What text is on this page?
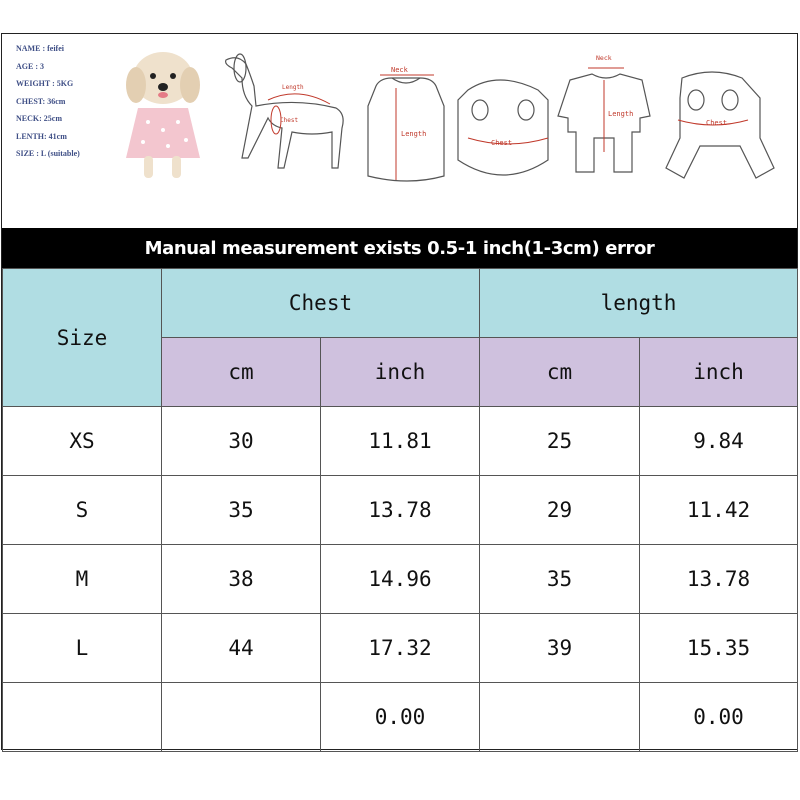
NAME : feifei
AGE : 3
WEIGHT : 5KG
CHEST: 36cm
NECK: 25cm
LENTH: 41cm
SIZE : L (suitable)
Length
Chest
Neck
Length
Chest
Neck
Length
Chest
Manual measurement exists 0.5-1 inch(1-3cm) error
Size	Chest		length	
	cm	inch	cm	inch
XS	30	11.81	25	9.84
S	35	13.78	29	11.42
M	38	14.96	35	13.78
L	44	17.32	39	15.35
		0.00		0.00
